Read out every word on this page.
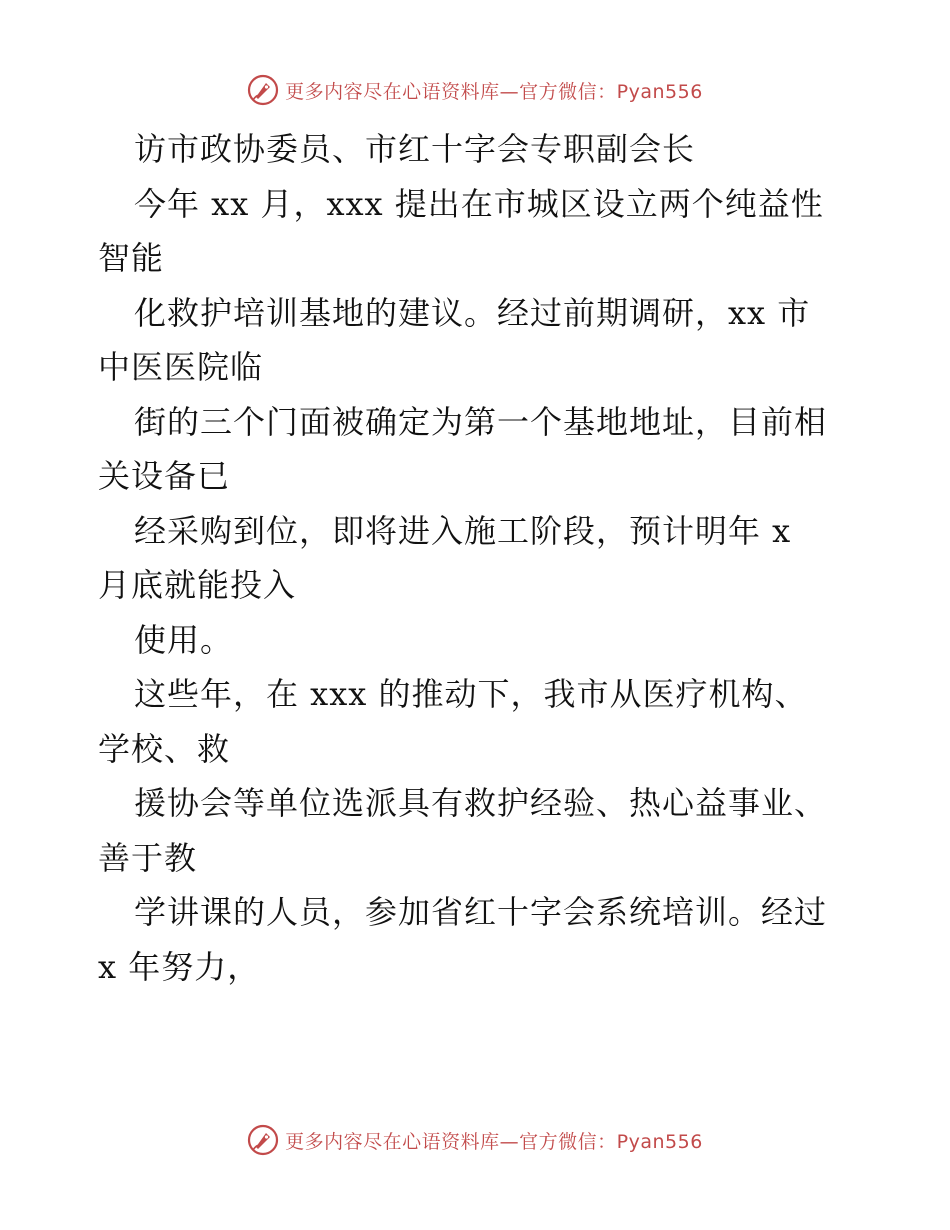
更多内容尽在心语资料库—官方微信：Pyan556
访市政协委员、市红十字会专职副会长
今年 xx 月，xxx 提出在市城区设立两个纯益性
智能
化救护培训基地的建议。经过前期调研，xx 市
中医医院临
街的三个门面被确定为第一个基地地址，目前相
关设备已
经采购到位，即将进入施工阶段，预计明年 x
月底就能投入
使用。
这些年，在 xxx 的推动下，我市从医疗机构、
学校、救
援协会等单位选派具有救护经验、热心益事业、
善于教
学讲课的人员，参加省红十字会系统培训。经过
x 年努力，
更多内容尽在心语资料库—官方微信：Pyan556
